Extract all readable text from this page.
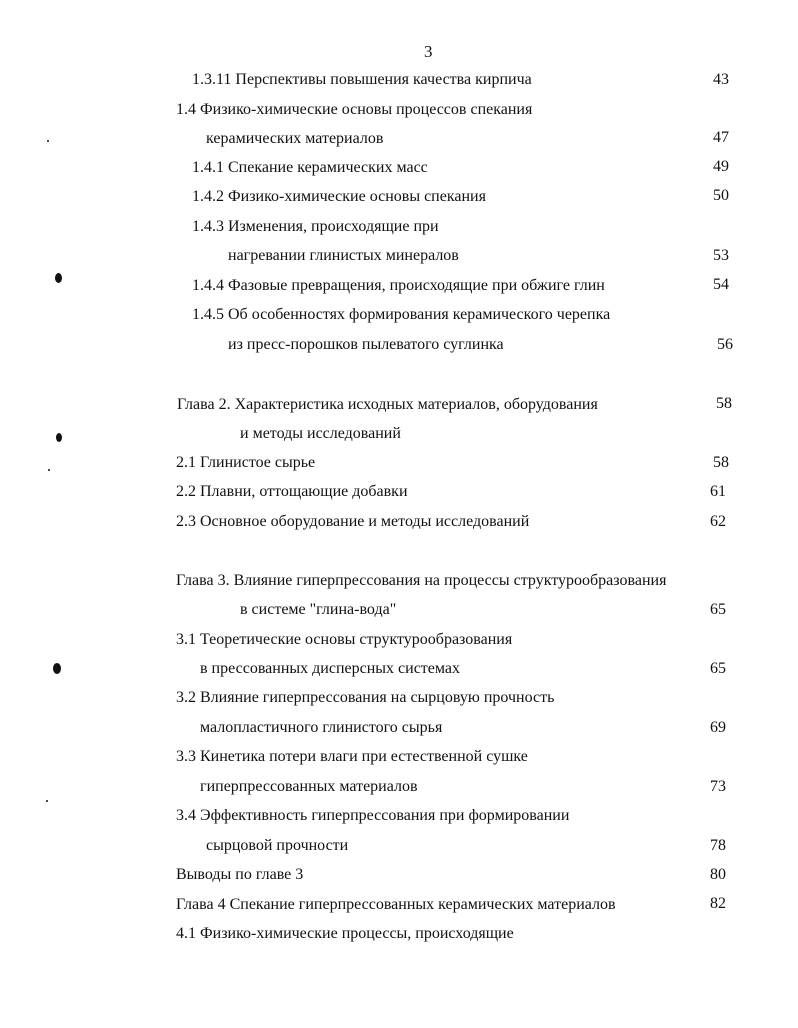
3
1.3.11 Перспективы повышения качества кирпича	43
1.4 Физико-химические основы процессов спекания
керамических материалов	47
1.4.1 Спекание керамических масс	49
1.4.2 Физико-химические основы спекания	50
1.4.3 Изменения, происходящие при
нагревании глинистых минералов	53
1.4.4 Фазовые превращения, происходящие при обжиге глин	54
1.4.5 Об особенностях формирования керамического черепка
из пресс-порошков пылеватого суглинка	56
Глава 2. Характеристика исходных материалов, оборудования	58
и методы исследований
2.1 Глинистое сырье	58
2.2 Плавни, оттощающие добавки	61
2.3 Основное оборудование и методы исследований	62
Глава 3. Влияние гиперпрессования на процессы структурообразования
в системе "глина-вода"	65
3.1 Теоретические основы структурообразования
в прессованных дисперсных системах	65
3.2 Влияние гиперпрессования на сырцовую прочность
малопластичного глинистого сырья	69
3.3 Кинетика потери влаги при естественной сушке
гиперпрессованных материалов	73
3.4 Эффективность гиперпрессования при формировании
сырцовой прочности	78
Выводы по главе 3	80
Глава 4 Спекание гиперпрессованных керамических материалов	82
4.1 Физико-химические процессы, происходящие
